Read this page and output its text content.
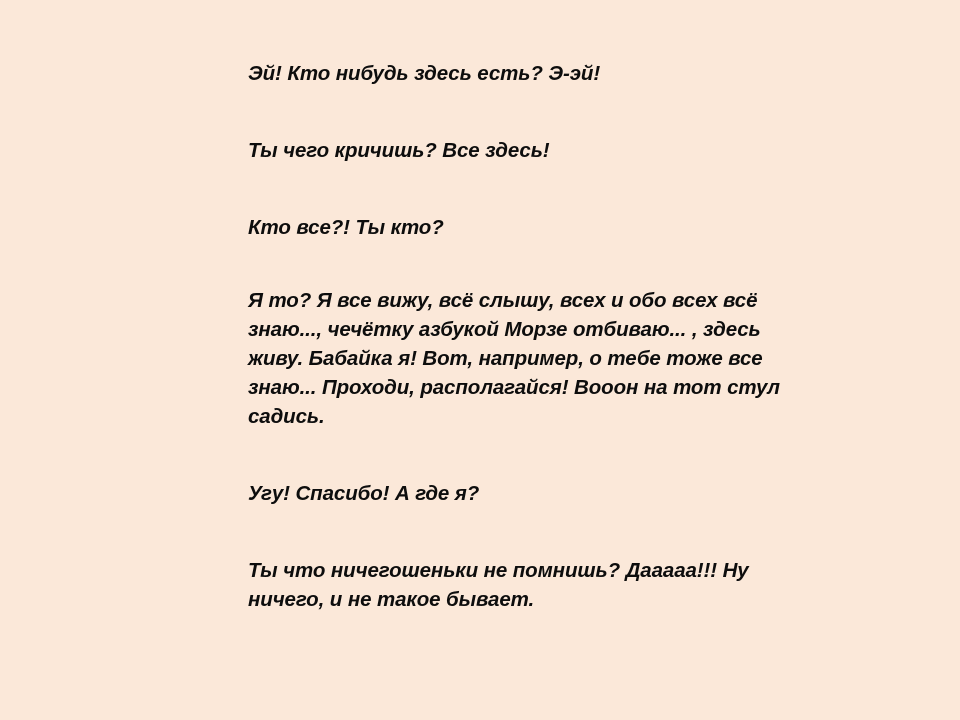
Эй! Кто нибудь здесь есть? Э-эй!

Ты чего кричишь? Все здесь!

Кто все?! Ты кто?

Я то? Я все вижу, всё слышу, всех и обо всех всё знаю..., чечётку азбукой Морзе отбиваю... , здесь живу. Бабайка я! Вот, например, о тебе тоже все знаю... Проходи, располагайся! Вооон на тот стул садись.

Угу! Спасибо! А где я?

Ты что ничегошеньки не помнишь? Дааааа!!! Ну ничего, и не такое бывает.
